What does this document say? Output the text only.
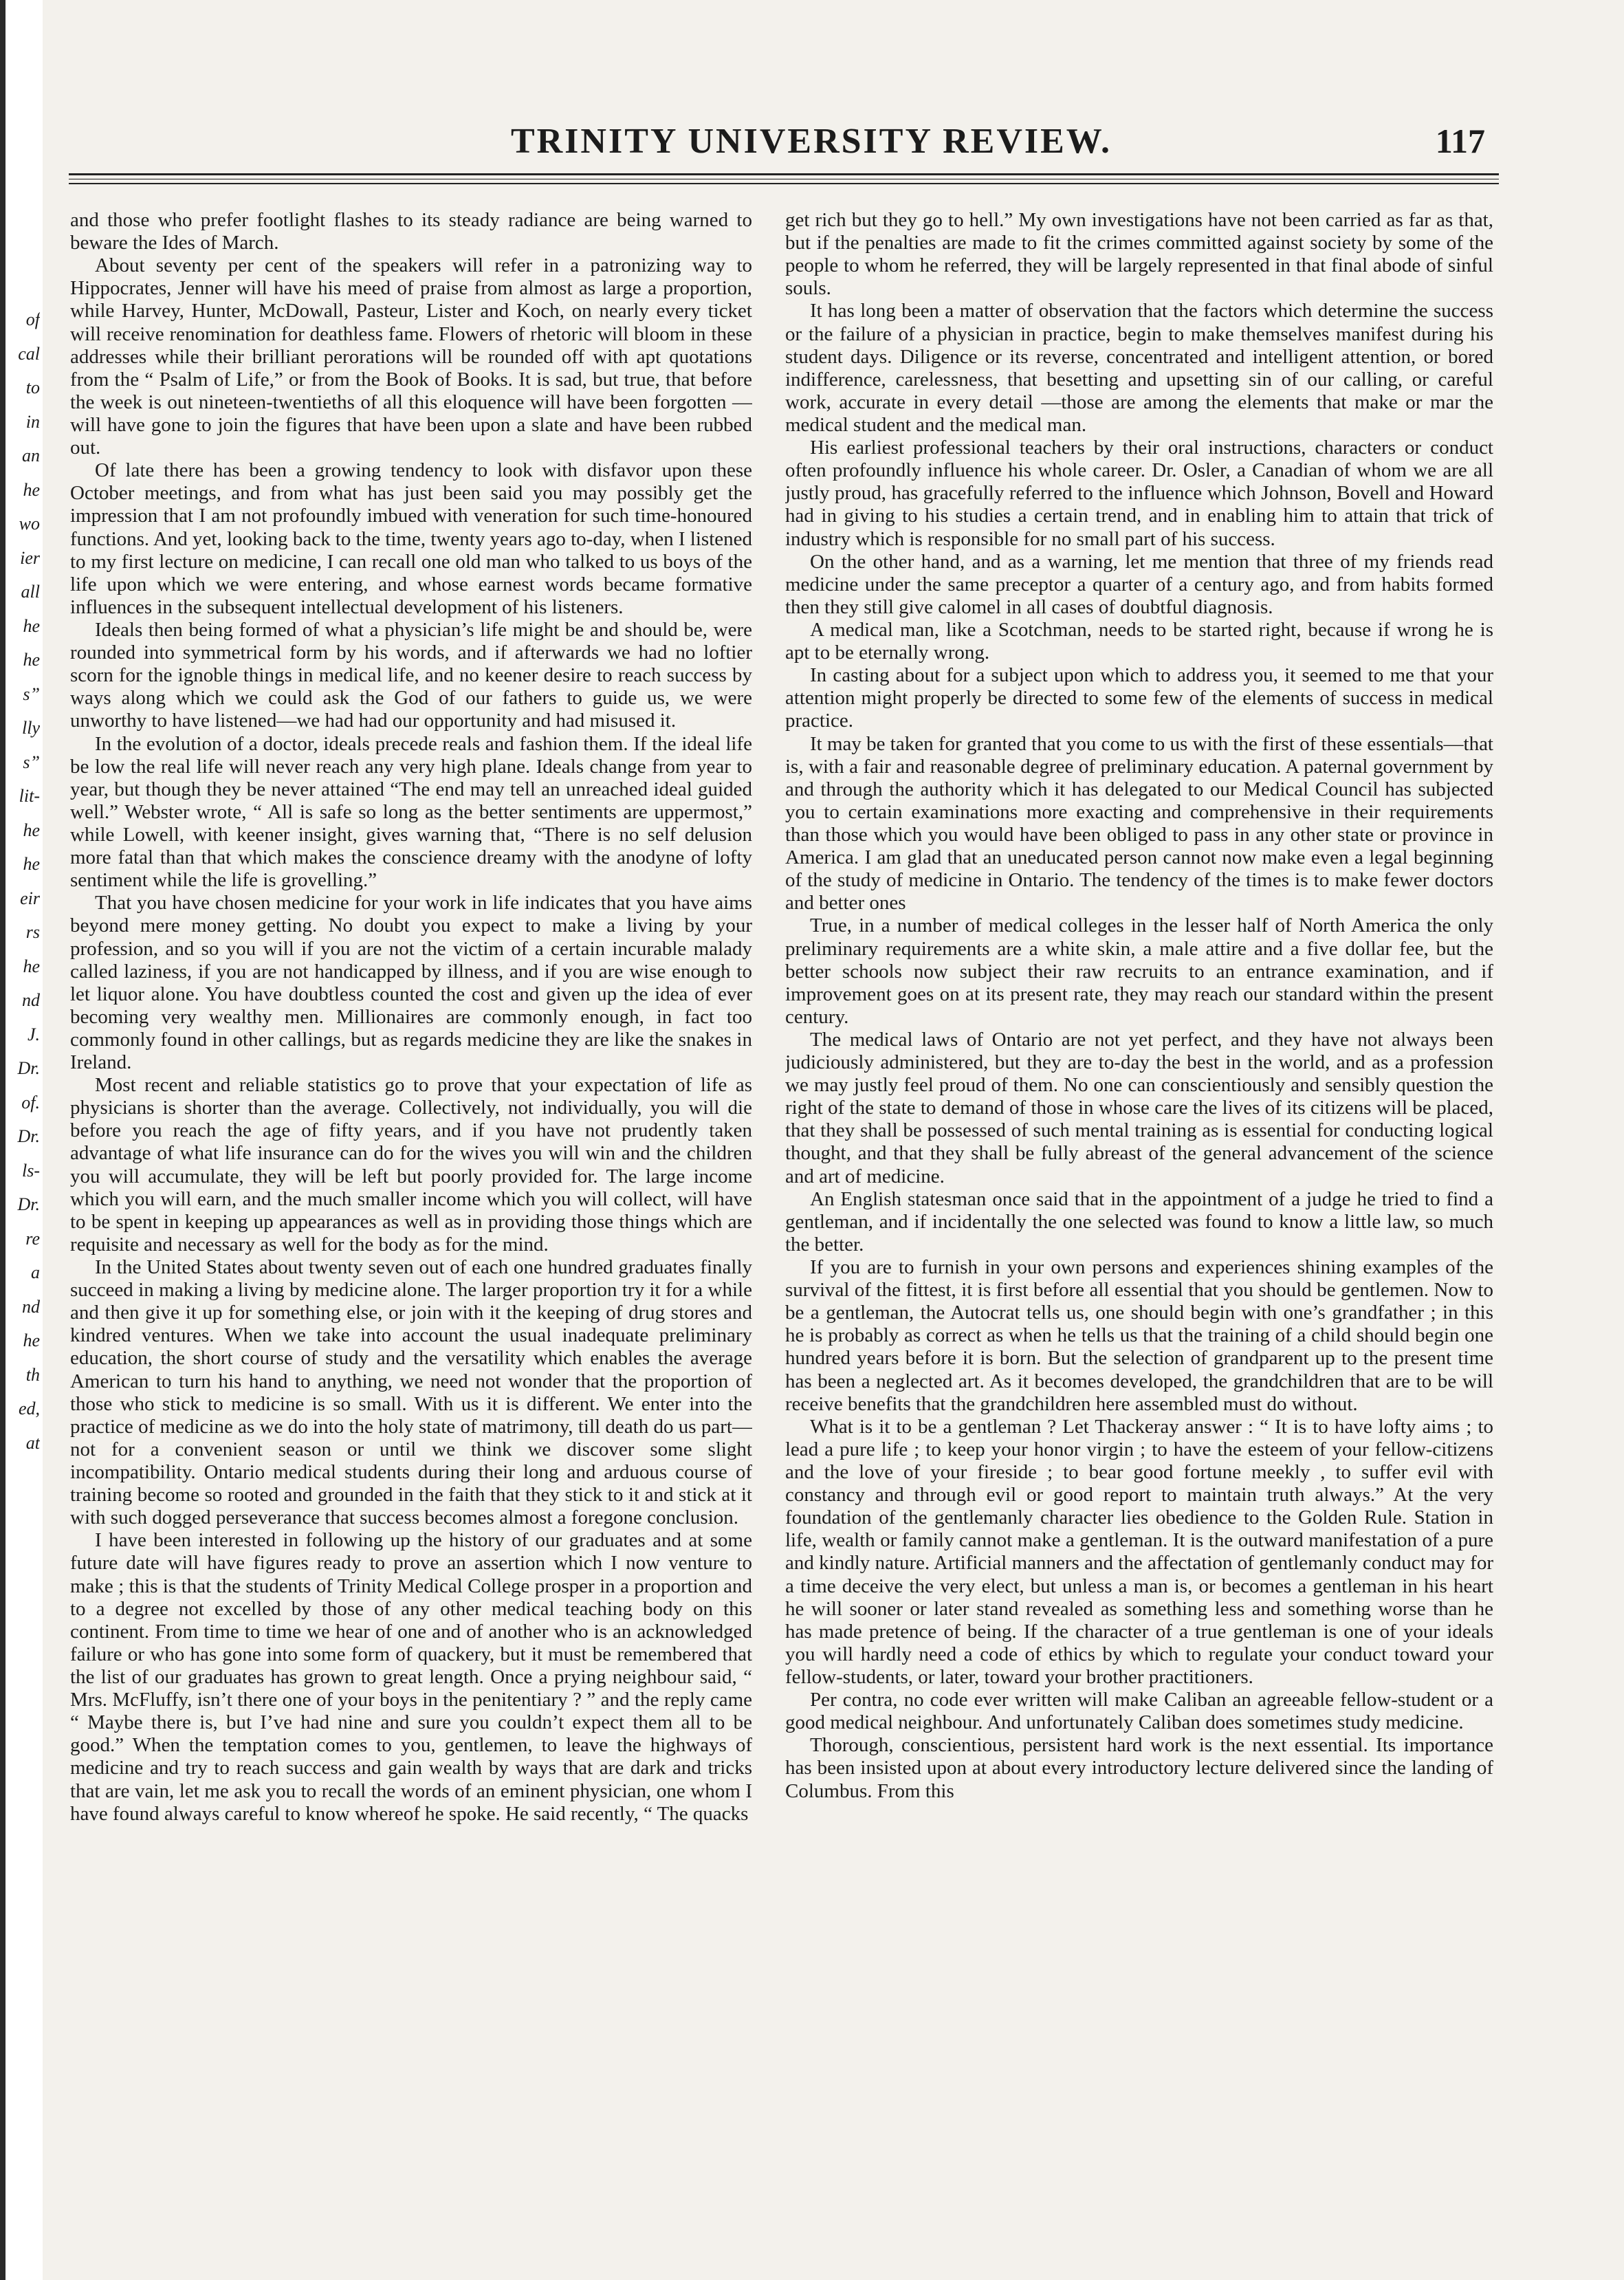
of
cal
to
in
an
he
wo
ier
all
he
he
s”
lly
s”
lit-
he
he
eir
rs
he
nd
J.
Dr.
of.
Dr.
ls-
Dr.
re
a
nd
he
th
ed,
at
TRINITY UNIVERSITY REVIEW.	117

and those who prefer footlight flashes to its steady radiance are being warned to beware the Ides of March.

About seventy per cent of the speakers will refer in a patronizing way to Hippocrates, Jenner will have his meed of praise from almost as large a proportion, while Harvey, Hunter, McDowall, Pasteur, Lister and Koch, on nearly every ticket will receive renomination for deathless fame. Flowers of rhetoric will bloom in these addresses while their brilliant perorations will be rounded off with apt quotations from the “ Psalm of Life,” or from the Book of Books. It is sad, but true, that before the week is out nineteen-twentieths of all this eloquence will have been forgotten —will have gone to join the figures that have been upon a slate and have been rubbed out.

Of late there has been a growing tendency to look with disfavor upon these October meetings, and from what has just been said you may possibly get the impression that I am not profoundly imbued with veneration for such time-honoured functions. And yet, looking back to the time, twenty years ago to-day, when I listened to my first lecture on medicine, I can recall one old man who talked to us boys of the life upon which we were entering, and whose earnest words became formative influences in the subsequent intellectual development of his listeners.

Ideals then being formed of what a physician’s life might be and should be, were rounded into symmetrical form by his words, and if afterwards we had no loftier scorn for the ignoble things in medical life, and no keener desire to reach success by ways along which we could ask the God of our fathers to guide us, we were unworthy to have listened—we had had our opportunity and had misused it.

In the evolution of a doctor, ideals precede reals and fashion them. If the ideal life be low the real life will never reach any very high plane. Ideals change from year to year, but though they be never attained “The end may tell an unreached ideal guided well.” Webster wrote, “ All is safe so long as the better sentiments are uppermost,” while Lowell, with keener insight, gives warning that, “There is no self delusion more fatal than that which makes the conscience dreamy with the anodyne of lofty sentiment while the life is grovelling.”

That you have chosen medicine for your work in life indicates that you have aims beyond mere money getting. No doubt you expect to make a living by your profession, and so you will if you are not the victim of a certain incurable malady called laziness, if you are not handicapped by illness, and if you are wise enough to let liquor alone. You have doubtless counted the cost and given up the idea of ever becoming very wealthy men. Millionaires are commonly enough, in fact too commonly found in other callings, but as regards medicine they are like the snakes in Ireland.

Most recent and reliable statistics go to prove that your expectation of life as physicians is shorter than the average. Collectively, not individually, you will die before you reach the age of fifty years, and if you have not prudently taken advantage of what life insurance can do for the wives you will win and the children you will accumulate, they will be left but poorly provided for. The large income which you will earn, and the much smaller income which you will collect, will have to be spent in keeping up appearances as well as in providing those things which are requisite and necessary as well for the body as for the mind.

In the United States about twenty seven out of each one hundred graduates finally succeed in making a living by medicine alone. The larger proportion try it for a while and then give it up for something else, or join with it the keeping of drug stores and kindred ventures. When we take into account the usual inadequate preliminary education, the short course of study and the versatility which enables the average American to turn his hand to anything, we need not wonder that the proportion of those who stick to medicine is so small. With us it is different. We enter into the practice of medicine as we do into the holy state of matrimony, till death do us part—not for a convenient season or until we think we discover some slight incompatibility. Ontario medical students during their long and arduous course of training become so rooted and grounded in the faith that they stick to it and stick at it with such dogged perseverance that success becomes almost a foregone conclusion.

I have been interested in following up the history of our graduates and at some future date will have figures ready to prove an assertion which I now venture to make ; this is that the students of Trinity Medical College prosper in a proportion and to a degree not excelled by those of any other medical teaching body on this continent. From time to time we hear of one and of another who is an acknowledged failure or who has gone into some form of quackery, but it must be remembered that the list of our graduates has grown to great length. Once a prying neighbour said, “ Mrs. McFluffy, isn’t there one of your boys in the penitentiary ? ” and the reply came “ Maybe there is, but I’ve had nine and sure you couldn’t expect them all to be good.” When the temptation comes to you, gentlemen, to leave the highways of medicine and try to reach success and gain wealth by ways that are dark and tricks that are vain, let me ask you to recall the words of an eminent physician, one whom I have found always careful to know whereof he spoke. He said recently, “ The quacks

get rich but they go to hell.” My own investigations have not been carried as far as that, but if the penalties are made to fit the crimes committed against society by some of the people to whom he referred, they will be largely represented in that final abode of sinful souls.

It has long been a matter of observation that the factors which determine the success or the failure of a physician in practice, begin to make themselves manifest during his student days. Diligence or its reverse, concentrated and intelligent attention, or bored indifference, carelessness, that besetting and upsetting sin of our calling, or careful work, accurate in every detail —those are among the elements that make or mar the medical student and the medical man.

His earliest professional teachers by their oral instructions, characters or conduct often profoundly influence his whole career. Dr. Osler, a Canadian of whom we are all justly proud, has gracefully referred to the influence which Johnson, Bovell and Howard had in giving to his studies a certain trend, and in enabling him to attain that trick of industry which is responsible for no small part of his success.

On the other hand, and as a warning, let me mention that three of my friends read medicine under the same preceptor a quarter of a century ago, and from habits formed then they still give calomel in all cases of doubtful diagnosis.

A medical man, like a Scotchman, needs to be started right, because if wrong he is apt to be eternally wrong.

In casting about for a subject upon which to address you, it seemed to me that your attention might properly be directed to some few of the elements of success in medical practice.

It may be taken for granted that you come to us with the first of these essentials—that is, with a fair and reasonable degree of preliminary education. A paternal government by and through the authority which it has delegated to our Medical Council has subjected you to certain examinations more exacting and comprehensive in their requirements than those which you would have been obliged to pass in any other state or province in America. I am glad that an uneducated person cannot now make even a legal beginning of the study of medicine in Ontario. The tendency of the times is to make fewer doctors and better ones

True, in a number of medical colleges in the lesser half of North America the only preliminary requirements are a white skin, a male attire and a five dollar fee, but the better schools now subject their raw recruits to an entrance examination, and if improvement goes on at its present rate, they may reach our standard within the present century.

The medical laws of Ontario are not yet perfect, and they have not always been judiciously administered, but they are to-day the best in the world, and as a profession we may justly feel proud of them. No one can conscientiously and sensibly question the right of the state to demand of those in whose care the lives of its citizens will be placed, that they shall be possessed of such mental training as is essential for conducting logical thought, and that they shall be fully abreast of the general advancement of the science and art of medicine.

An English statesman once said that in the appointment of a judge he tried to find a gentleman, and if incidentally the one selected was found to know a little law, so much the better.

If you are to furnish in your own persons and experiences shining examples of the survival of the fittest, it is first before all essential that you should be gentlemen. Now to be a gentleman, the Autocrat tells us, one should begin with one’s grandfather ; in this he is probably as correct as when he tells us that the training of a child should begin one hundred years before it is born. But the selection of grandparent up to the present time has been a neglected art. As it becomes developed, the grandchildren that are to be will receive benefits that the grandchildren here assembled must do without.

What is it to be a gentleman ? Let Thackeray answer : “ It is to have lofty aims ; to lead a pure life ; to keep your honor virgin ; to have the esteem of your fellow-citizens and the love of your fireside ; to bear good fortune meekly , to suffer evil with constancy and through evil or good report to maintain truth always.” At the very foundation of the gentlemanly character lies obedience to the Golden Rule. Station in life, wealth or family cannot make a gentleman. It is the outward manifestation of a pure and kindly nature. Artificial manners and the affectation of gentlemanly conduct may for a time deceive the very elect, but unless a man is, or becomes a gentleman in his heart he will sooner or later stand revealed as something less and something worse than he has made pretence of being. If the character of a true gentleman is one of your ideals you will hardly need a code of ethics by which to regulate your conduct toward your fellow-students, or later, toward your brother practitioners.

Per contra, no code ever written will make Caliban an agreeable fellow-student or a good medical neighbour. And unfortunately Caliban does sometimes study medicine.

Thorough, conscientious, persistent hard work is the next essential. Its importance has been insisted upon at about every introductory lecture delivered since the landing of Columbus. From this
